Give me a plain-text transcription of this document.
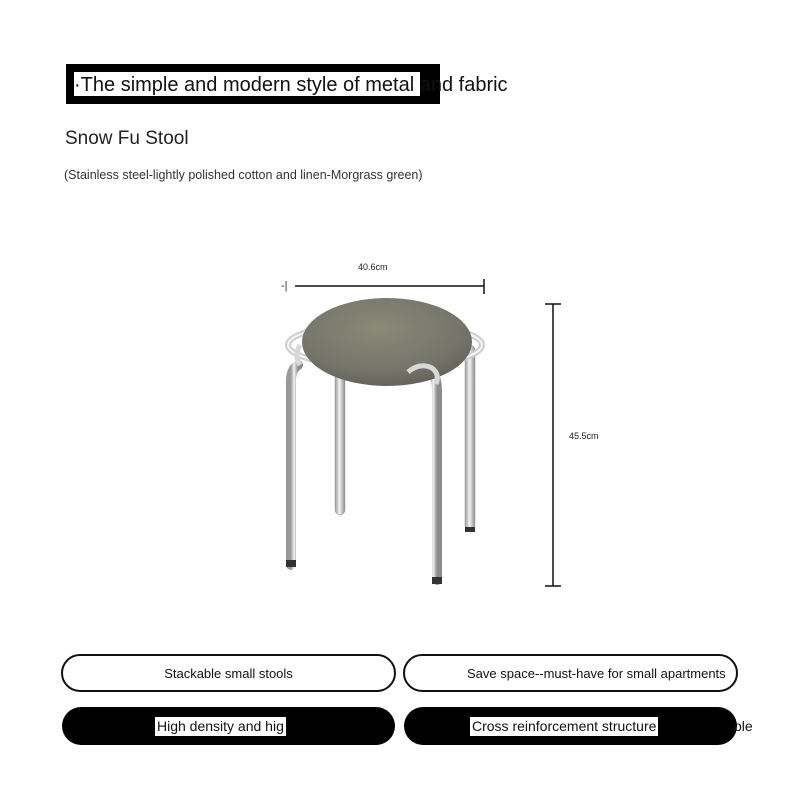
·The simple and modern style of metal and fabric
Snow Fu Stool
(Stainless steel-lightly polished cotton and linen-Morgrass green)
-|
40.6cm
45.5cm
Stackable small stools	Save space--must-have for small apartments
High density and hig	Cross reinforcement structure	ole
